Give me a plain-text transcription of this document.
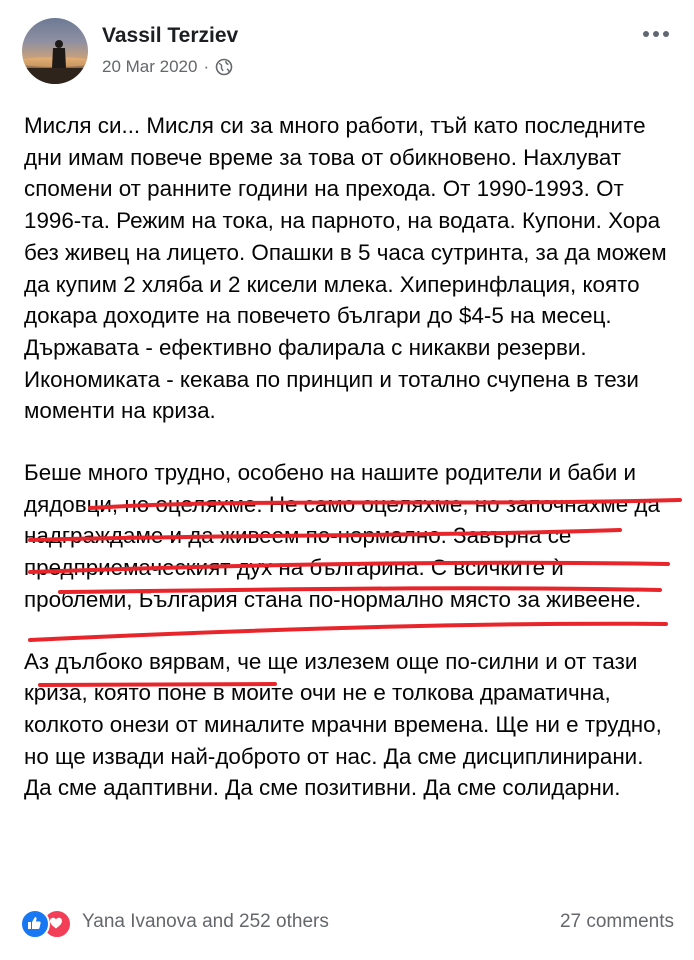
Vassil Terziev
20 Mar 2020 ·

Мисля си... Мисля си за много работи, тъй като последните дни имам повече време за това от обикновено. Нахлуват спомени от ранните години на прехода. От 1990-1993. От 1996-та. Режим на тока, на парното, на водата. Купони. Хора без живец на лицето. Опашки в 5 часа сутринта, за да можем да купим 2 хляба и 2 кисели млека. Хиперинфлация, която докара доходите на повечето българи до $4-5 на месец. Държавата - ефективно фалирала с никакви резерви. Икономиката - кекава по принцип и тотално счупена в тези моменти на криза.

Беше много трудно, особено на нашите родители и баби и дядовци, но оцеляхме. Не само оцеляхме, но започнахме да надграждаме и да живеем по-нормално. Завърна се предприемаческият дух на българина. С всичките ѝ проблеми, България стана по-нормално място за живеене.

Аз дълбоко вярвам, че ще излезем още по-силни и от тази криза, която поне в моите очи не е толкова драматична, колкото онези от миналите мрачни времена. Ще ни е трудно, но ще извади най-доброто от нас. Да сме дисциплинирани. Да сме адаптивни. Да сме позитивни. Да сме солидарни.

Yana Ivanova and 252 others	27 comments
